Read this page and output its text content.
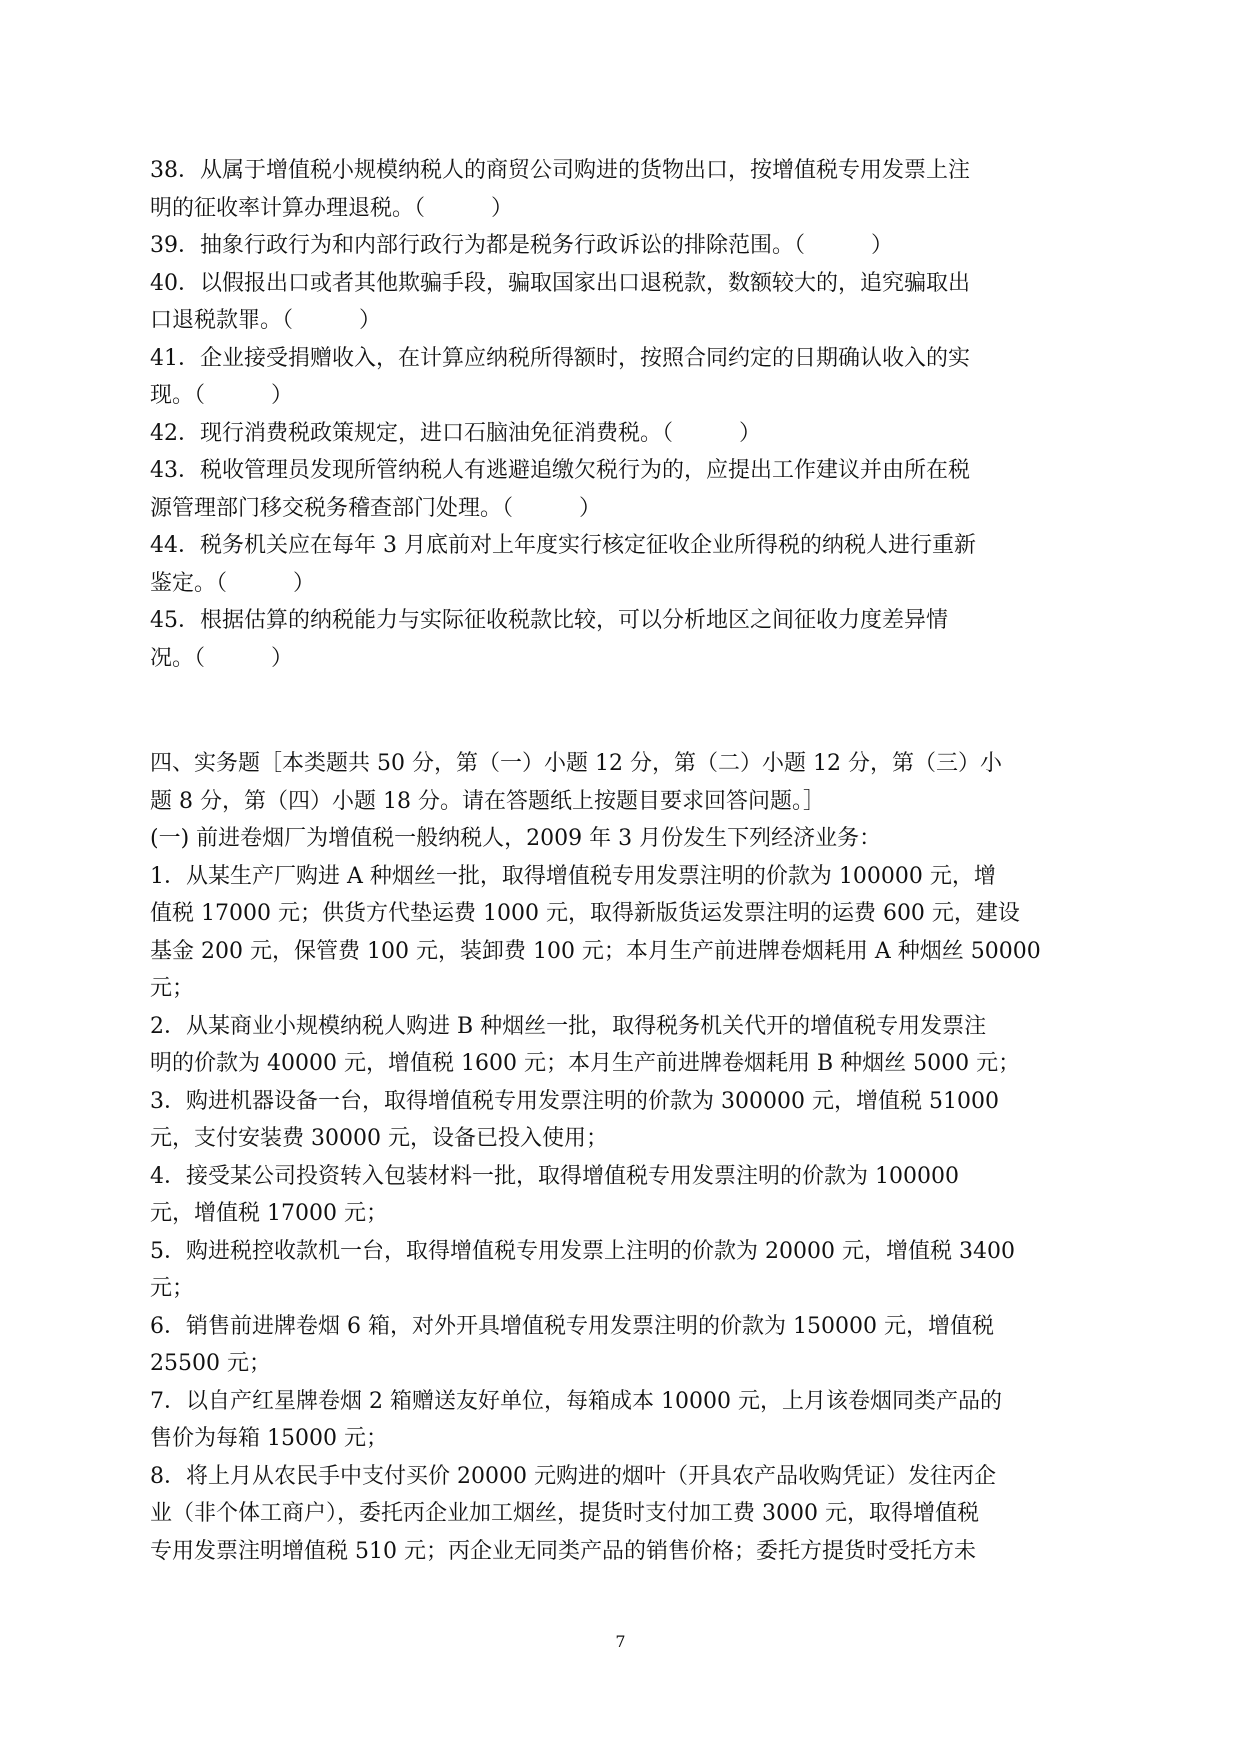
38．从属于增值税小规模纳税人的商贸公司购进的货物出口，按增值税专用发票上注
明的征收率计算办理退税。（　　　）
39．抽象行政行为和内部行政行为都是税务行政诉讼的排除范围。（　　　）
40．以假报出口或者其他欺骗手段，骗取国家出口退税款，数额较大的，追究骗取出
口退税款罪。（　　　）
41．企业接受捐赠收入，在计算应纳税所得额时，按照合同约定的日期确认收入的实
现。（　　　）
42．现行消费税政策规定，进口石脑油免征消费税。（　　　）
43．税收管理员发现所管纳税人有逃避追缴欠税行为的，应提出工作建议并由所在税
源管理部门移交税务稽查部门处理。（　　　）
44．税务机关应在每年 3 月底前对上年度实行核定征收企业所得税的纳税人进行重新
鉴定。（　　　）
45．根据估算的纳税能力与实际征收税款比较，可以分析地区之间征收力度差异情
况。（　　　）
四、实务题［本类题共 50 分，第（一）小题 12 分，第（二）小题 12 分，第（三）小
题 8 分，第（四）小题 18 分。请在答题纸上按题目要求回答问题。］
(一) 前进卷烟厂为增值税一般纳税人，2009 年 3 月份发生下列经济业务：
1．从某生产厂购进 A 种烟丝一批，取得增值税专用发票注明的价款为 100000 元，增
值税 17000 元；供货方代垫运费 1000 元，取得新版货运发票注明的运费 600 元，建设
基金 200 元，保管费 100 元，装卸费 100 元；本月生产前进牌卷烟耗用 A 种烟丝 50000
元；
2．从某商业小规模纳税人购进 B 种烟丝一批，取得税务机关代开的增值税专用发票注
明的价款为 40000 元，增值税 1600 元；本月生产前进牌卷烟耗用 B 种烟丝 5000 元；
3．购进机器设备一台，取得增值税专用发票注明的价款为 300000 元，增值税 51000
元，支付安装费 30000 元，设备已投入使用；
4．接受某公司投资转入包装材料一批，取得增值税专用发票注明的价款为 100000
元，增值税 17000 元；
5．购进税控收款机一台，取得增值税专用发票上注明的价款为 20000 元，增值税 3400
元；
6．销售前进牌卷烟 6 箱，对外开具增值税专用发票注明的价款为 150000 元，增值税
25500 元；
7．以自产红星牌卷烟 2 箱赠送友好单位，每箱成本 10000 元，上月该卷烟同类产品的
售价为每箱 15000 元；
8．将上月从农民手中支付买价 20000 元购进的烟叶（开具农产品收购凭证）发往丙企
业（非个体工商户），委托丙企业加工烟丝，提货时支付加工费 3000 元，取得增值税
专用发票注明增值税 510 元；丙企业无同类产品的销售价格；委托方提货时受托方未
7
